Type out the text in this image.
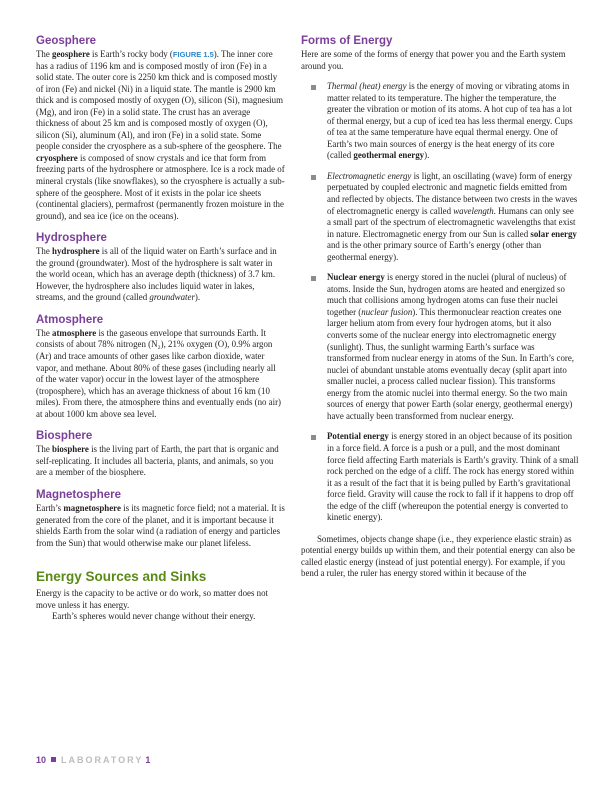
Geosphere

The geosphere is Earth’s rocky body (FIGURE 1.5). The inner core has a radius of 1196 km and is composed mostly of iron (Fe) in a solid state. The outer core is 2250 km thick and is composed mostly of iron (Fe) and nickel (Ni) in a liquid state. The mantle is 2900 km thick and is composed mostly of oxygen (O), silicon (Si), magnesium (Mg), and iron (Fe) in a solid state. The crust has an average thickness of about 25 km and is composed mostly of oxygen (O), silicon (Si), aluminum (Al), and iron (Fe) in a solid state. Some people consider the cryosphere as a sub-sphere of the geosphere. The cryosphere is composed of snow crystals and ice that form from freezing parts of the hydrosphere or atmosphere. Ice is a rock made of mineral crystals (like snowflakes), so the cryosphere is actually a sub-sphere of the geosphere. Most of it exists in the polar ice sheets (continental glaciers), permafrost (permanently frozen moisture in the ground), and sea ice (ice on the oceans).

Hydrosphere

The hydrosphere is all of the liquid water on Earth’s surface and in the ground (groundwater). Most of the hydrosphere is salt water in the world ocean, which has an average depth (thickness) of 3.7 km. However, the hydrosphere also includes liquid water in lakes, streams, and the ground (called groundwater).

Atmosphere

The atmosphere is the gaseous envelope that surrounds Earth. It consists of about 78% nitrogen (N₂), 21% oxygen (O), 0.9% argon (Ar) and trace amounts of other gases like carbon dioxide, water vapor, and methane. About 80% of these gases (including nearly all of the water vapor) occur in the lowest layer of the atmosphere (troposphere), which has an average thickness of about 16 km (10 miles). From there, the atmosphere thins and eventually ends (no air) at about 1000 km above sea level.

Biosphere

The biosphere is the living part of Earth, the part that is organic and self-replicating. It includes all bacteria, plants, and animals, so you are a member of the biosphere.

Magnetosphere

Earth’s magnetosphere is its magnetic force field; not a material. It is generated from the core of the planet, and it is important because it shields Earth from the solar wind (a radiation of energy and particles from the Sun) that would otherwise make our planet lifeless.

Energy Sources and Sinks

Energy is the capacity to be active or do work, so matter does not move unless it has energy.

Earth’s spheres would never change without their energy.

Forms of Energy

Here are some of the forms of energy that power you and the Earth system around you.

Thermal (heat) energy is the energy of moving or vibrating atoms in matter related to its temperature. The higher the temperature, the greater the vibration or motion of its atoms. A hot cup of tea has a lot of thermal energy, but a cup of iced tea has less thermal energy. Cups of tea at the same temperature have equal thermal energy. One of Earth’s two main sources of energy is the heat energy of its core (called geothermal energy).
Electromagnetic energy is light, an oscillating (wave) form of energy perpetuated by coupled electronic and magnetic fields emitted from and reflected by objects. The distance between two crests in the waves of electromagnetic energy is called wavelength. Humans can only see a small part of the spectrum of electromagnetic wavelengths that exist in nature. Electromagnetic energy from our Sun is called solar energy and is the other primary source of Earth’s energy (other than geothermal energy).
Nuclear energy is energy stored in the nuclei (plural of nucleus) of atoms. Inside the Sun, hydrogen atoms are heated and energized so much that collisions among hydrogen atoms can fuse their nuclei together (nuclear fusion). This thermonuclear reaction creates one larger helium atom from every four hydrogen atoms, but it also converts some of the nuclear energy into electromagnetic energy (sunlight). Thus, the sunlight warming Earth’s surface was transformed from nuclear energy in atoms of the Sun. In Earth’s core, nuclei of abundant unstable atoms eventually decay (split apart into smaller nuclei, a process called nuclear fission). This transforms energy from the atomic nuclei into thermal energy. So the two main sources of energy that power Earth (solar energy, geothermal energy) have actually been transformed from nuclear energy.
Potential energy is energy stored in an object because of its position in a force field. A force is a push or a pull, and the most dominant force field affecting Earth materials is Earth’s gravity. Think of a small rock perched on the edge of a cliff. The rock has energy stored within it as a result of the fact that it is being pulled by Earth’s gravitational force field. Gravity will cause the rock to fall if it happens to drop off the edge of the cliff (whereupon the potential energy is converted to kinetic energy).

Sometimes, objects change shape (i.e., they experience elastic strain) as potential energy builds up within them, and their potential energy can also be called elastic energy (instead of just potential energy). For example, if you bend a ruler, the ruler has energy stored within it because of the

10 LABORATORY 1
